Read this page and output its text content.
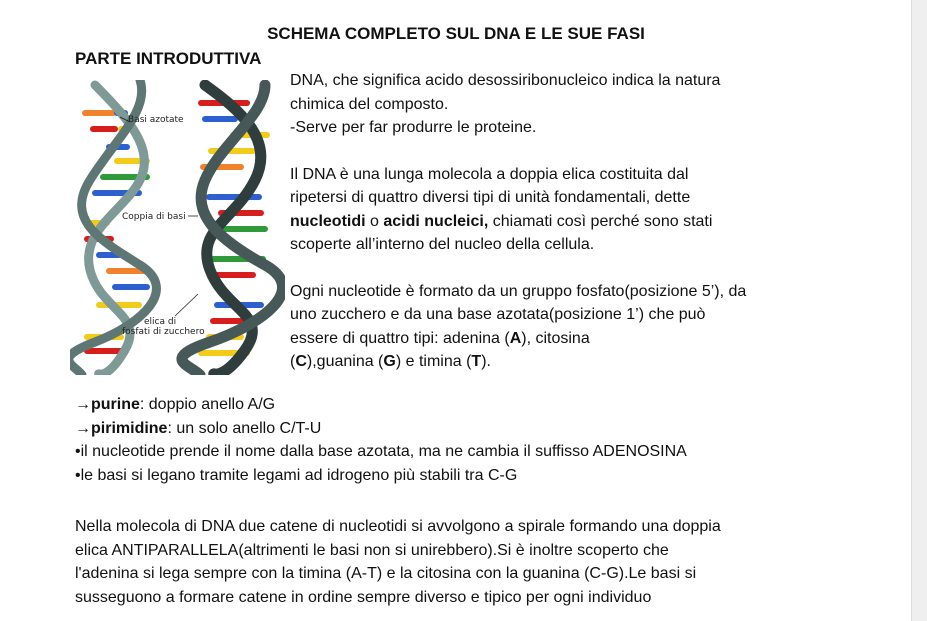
SCHEMA COMPLETO SUL DNA E LE SUE FASI
PARTE INTRODUTTIVA
Basi azotate
Coppia di basi
elica di
fosfati di zucchero

DNA, che significa acido desossiribonucleico indica la natura

chimica del composto.

-Serve per far produrre le proteine.

Il DNA è una lunga molecola a doppia elica costituita dal

ripetersi di quattro diversi tipi di unità fondamentali, dette

nucleotidi o acidi nucleici, chiamati così perché sono stati

scoperte all’interno del nucleo della cellula.

Ogni nucleotide è formato da un gruppo fosfato(posizione 5’), da

uno zucchero e da una base azotata(posizione 1’) che può

essere di quattro tipi: adenina (A), citosina

(C),guanina (G) e timina (T).

→purine: doppio anello A/G

→pirimidine: un solo anello C/T-U

•il nucleotide prende il nome dalla base azotata, ma ne cambia il suffisso ADENOSINA

•le basi si legano tramite legami ad idrogeno più stabili tra C-G

Nella molecola di DNA due catene di nucleotidi si avvolgono a spirale formando una doppia

elica ANTIPARALLELA(altrimenti le basi non si unirebbero).Si è inoltre scoperto che

l'adenina si lega sempre con la timina (A-T) e la citosina con la guanina (C-G).Le basi si

susseguono a formare catene in ordine sempre diverso e tipico per ogni individuo
